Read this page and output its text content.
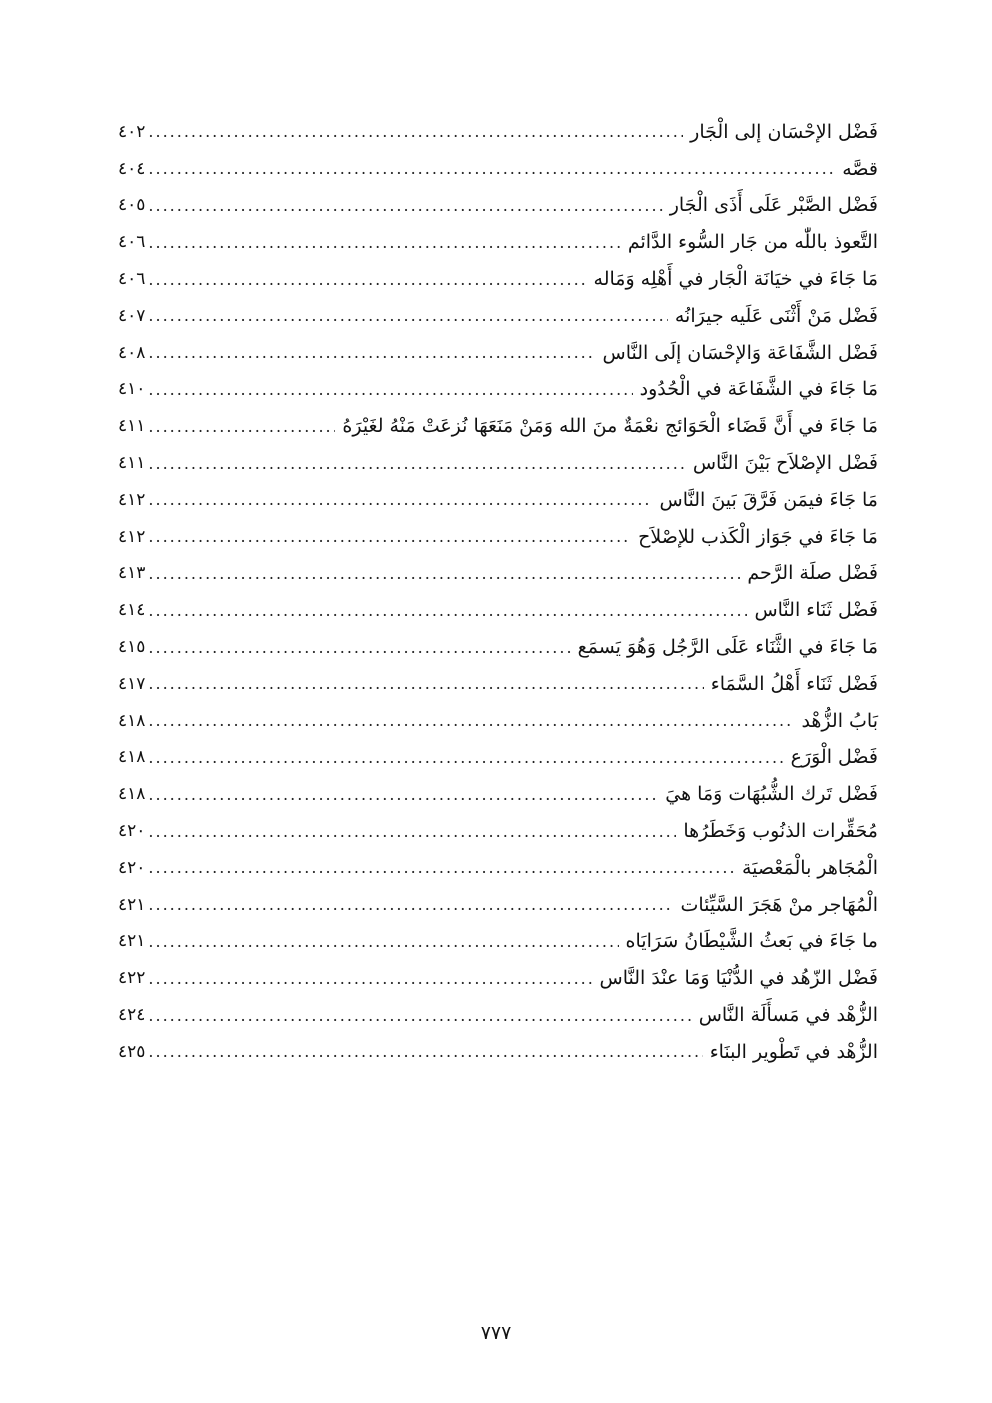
فَضْل الإحْسَان إلى الْجَار
.....
٤٠٢
قصَّه
.....
٤٠٤
فَضْل الصَّبْر عَلَى أَذَى الْجَار
.....
٤٠٥
التَّعوذ باللّٰه من جَار السُّوء الدَّائم
.....
٤٠٦
مَا جَاءَ في خيَانَة الْجَار في أَهْلِه وَمَاله
.....
٤٠٦
فَضْل مَنْ أَثْنَى عَلَيه جيرَانُه
.....
٤٠٧
فَضْل الشَّفَاعَة وَالإحْسَان إلَى النَّاس
.....
٤٠٨
مَا جَاءَ في الشَّفَاعَة في الْحُدُود
.....
٤١٠
مَا جَاءَ في أَنَّ قَضَاء الْحَوَائج نعْمَةٌ منَ الله وَمَنْ مَنَعَهَا نُزعَتْ مَنْهُ لغَيْرَهُ
.....
٤١١
فَضْل الإصْلاَح بَيْنَ النَّاس
.....
٤١١
مَا جَاءَ فيمَن فَرَّقَ بَينَ النَّاس
.....
٤١٢
مَا جَاءَ في جَوَاز الْكَذب للإصْلاَح
.....
٤١٢
فَضْل صلَة الرَّحم
.....
٤١٣
فَضْل ثَنَاء النَّاس
.....
٤١٤
مَا جَاءَ في الثَّنَاء عَلَى الرَّجُل وَهُوَ يَسمَع
.....
٤١٥
فَضْل ثَنَاء أَهْلُ السَّمَاء
.....
٤١٧
بَابُ الزُّهْد
.....
٤١٨
فَضْل الْوَرَع
.....
٤١٨
فَضْل تَرك الشُّبُهَات وَمَا هيَ
.....
٤١٨
مُحَقِّرات الذنُوب وَخَطَرُها
.....
٤٢٠
الْمُجَاهر بالْمَعْصيَة
.....
٤٢٠
الْمُهَاجر منْ هَجَرَ السَّيِّئات
.....
٤٢١
ما جَاءَ في بَعثُ الشَّيْطَانُ سَرَايَاه
.....
٤٢١
فَضْل الزّهُد في الدُّنْيَا وَمَا عنْدَ النَّاس
.....
٤٢٢
الزُّهْد في مَسأَلَة النَّاس
.....
٤٢٤
الزُّهْد في تَطْوير البنَاء
.....
٤٢٥
٧٧٧
